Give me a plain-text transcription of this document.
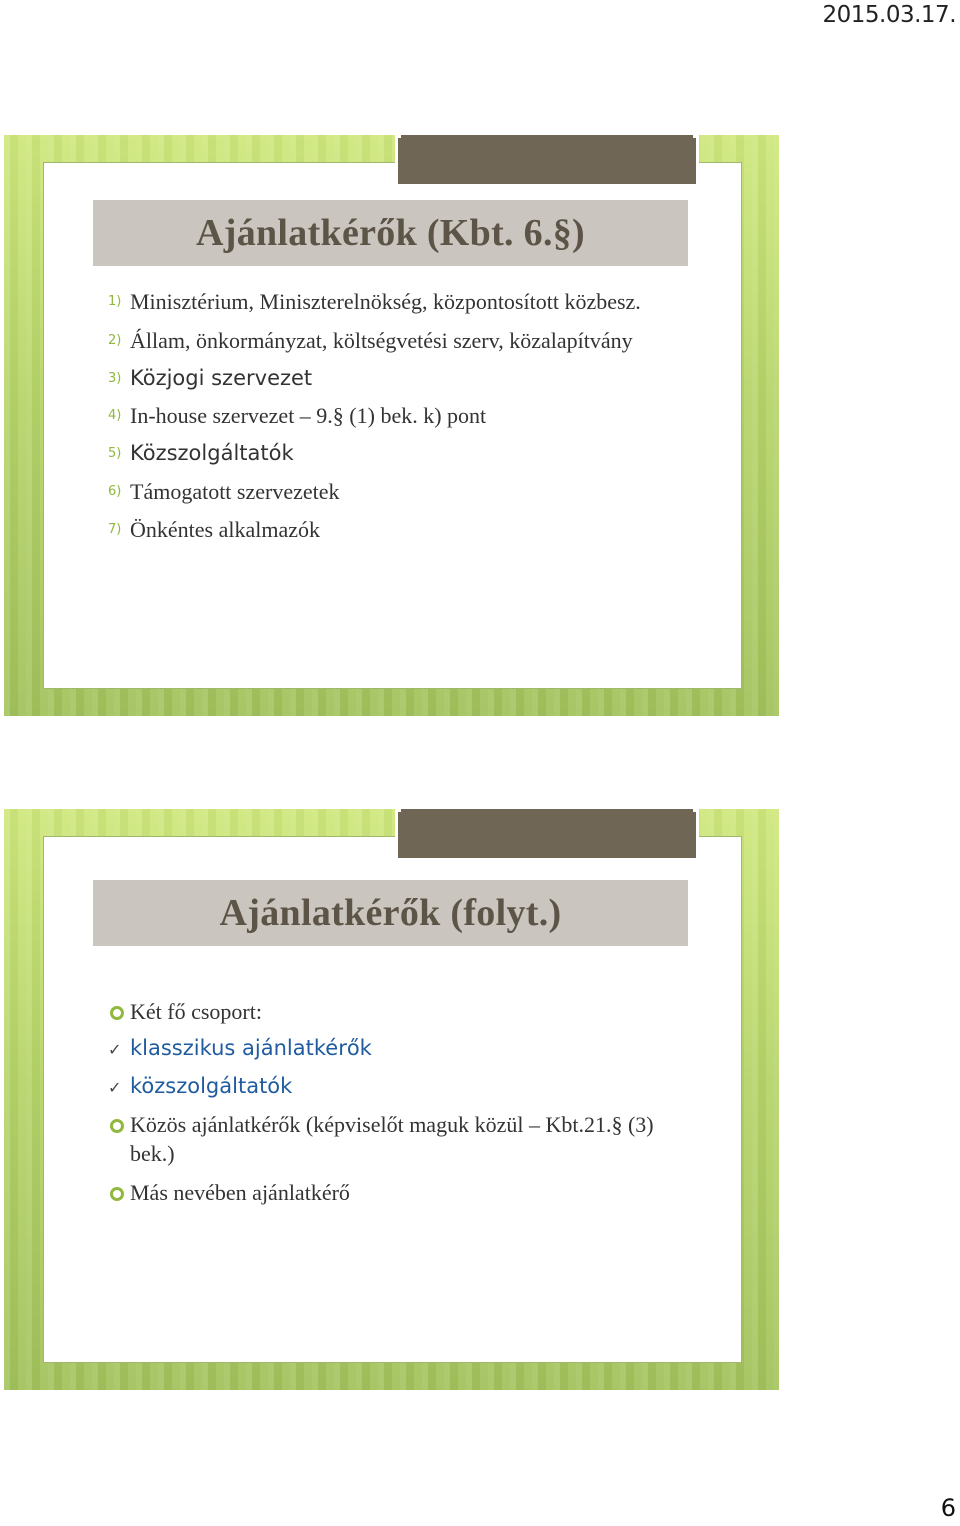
2015.03.17.
Ajánlatkérők (Kbt. 6.§)
1) Minisztérium, Miniszterelnökség, központosított közbesz.
2) Állam, önkormányzat, költségvetési szerv, közalapítvány
3) Közjogi szervezet
4) In-house szervezet – 9.§ (1) bek. k) pont
5) Közszolgáltatók
6) Támogatott szervezetek
7) Önkéntes alkalmazók
Ajánlatkérők (folyt.)
Két fő csoport:
✓ klasszikus ajánlatkérők
✓ közszolgáltatók
Közös ajánlatkérők (képviselőt maguk közül – Kbt.21.§ (3) bek.)
Más nevében ajánlatkérő
6
